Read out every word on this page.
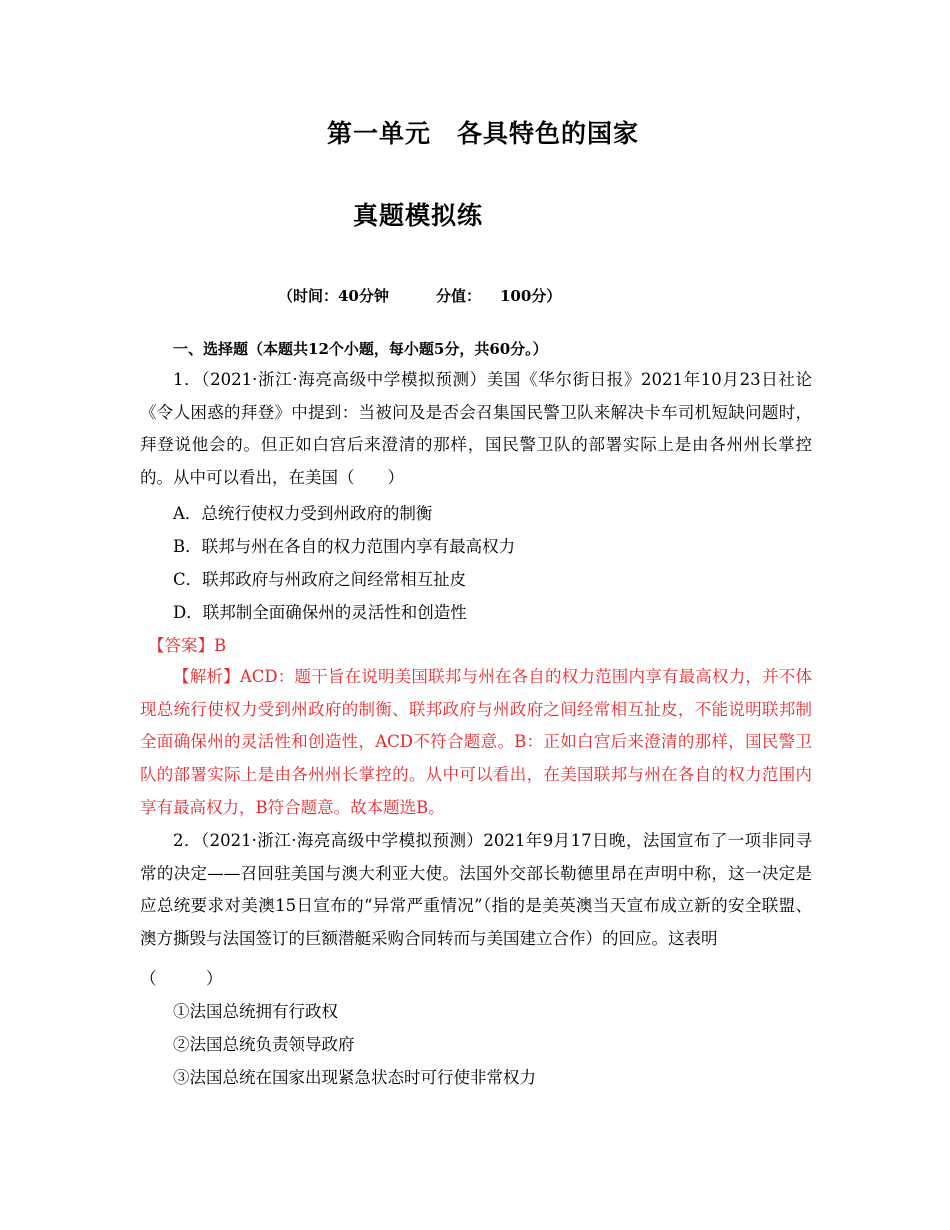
第一单元　各具特色的国家
真题模拟练
（时间：40分钟	分值： 100分）
一、选择题（本题共12个小题，每小题5分，共60分。）
1．（2021·浙江·海亮高级中学模拟预测）美国《华尔街日报》2021年10月23日社论《令人困惑的拜登》中提到：当被问及是否会召集国民警卫队来解决卡车司机短缺问题时，拜登说他会的。但正如白宫后来澄清的那样，国民警卫队的部署实际上是由各州州长掌控的。从中可以看出，在美国（　　）
A．总统行使权力受到州政府的制衡
B．联邦与州在各自的权力范围内享有最高权力
C．联邦政府与州政府之间经常相互扯皮
D．联邦制全面确保州的灵活性和创造性
【答案】B
【解析】ACD：题干旨在说明美国联邦与州在各自的权力范围内享有最高权力，并不体现总统行使权力受到州政府的制衡、联邦政府与州政府之间经常相互扯皮，不能说明联邦制全面确保州的灵活性和创造性，ACD不符合题意。B：正如白宫后来澄清的那样，国民警卫队的部署实际上是由各州州长掌控的。从中可以看出，在美国联邦与州在各自的权力范围内享有最高权力，B符合题意。故本题选B。
2．（2021·浙江·海亮高级中学模拟预测）2021年9月17日晚，法国宣布了一项非同寻常的决定——召回驻美国与澳大利亚大使。法国外交部长勒德里昂在声明中称，这一决定是应总统要求对美澳15日宣布的“异常严重情况”（指的是美英澳当天宣布成立新的安全联盟、澳方撕毁与法国签订的巨额潜艇采购合同转而与美国建立合作）的回应。这表明
（　　　）
①法国总统拥有行政权
②法国总统负责领导政府
③法国总统在国家出现紧急状态时可行使非常权力
